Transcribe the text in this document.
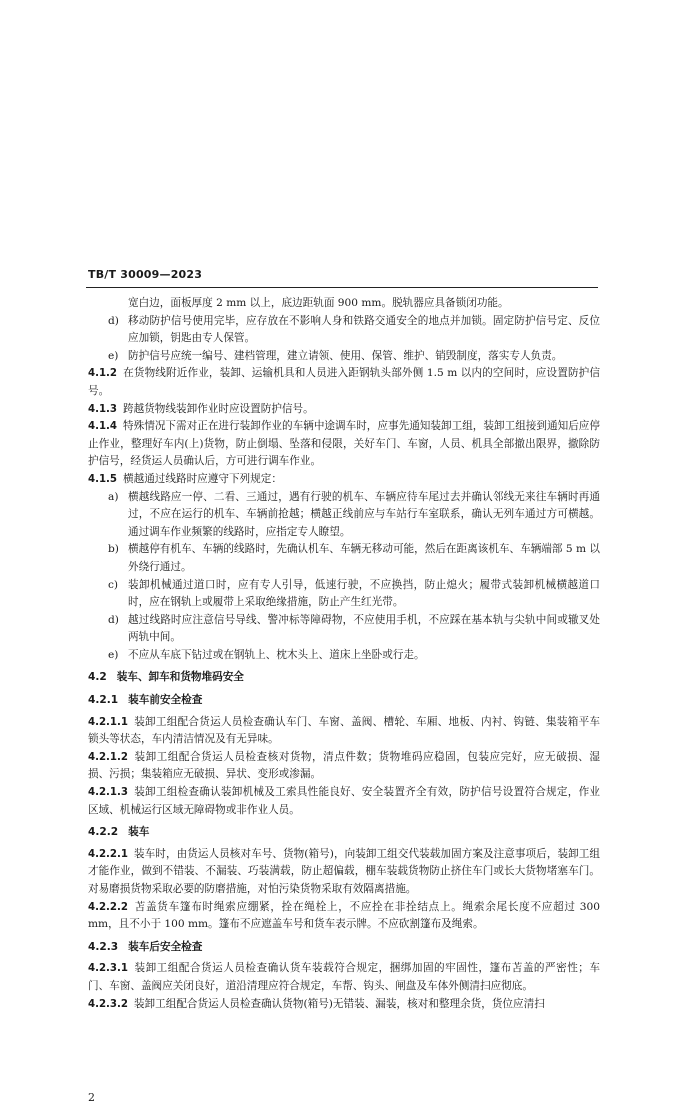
TB/T 30009—2023

宽白边，面板厚度 2 mm 以上，底边距轨面 900 mm。脱轨器应具备锁闭功能。

d) 移动防护信号使用完毕，应存放在不影响人身和铁路交通安全的地点并加锁。固定防护信号定、反位应加锁，钥匙由专人保管。
e) 防护信号应统一编号、建档管理，建立请领、使用、保管、维护、销毁制度，落实专人负责。

4.1.2 在货物线附近作业，装卸、运输机具和人员进入距钢轨头部外侧 1.5 m 以内的空间时，应设置防护信号。

4.1.3 跨越货物线装卸作业时应设置防护信号。

4.1.4 特殊情况下需对正在进行装卸作业的车辆中途调车时，应事先通知装卸工组，装卸工组接到通知后应停止作业，整理好车内(上)货物，防止倒塌、坠落和侵限，关好车门、车窗，人员、机具全部撤出限界，撤除防护信号，经货运人员确认后，方可进行调车作业。

4.1.5 横越通过线路时应遵守下列规定：

a) 横越线路应一停、二看、三通过，遇有行驶的机车、车辆应待车尾过去并确认邻线无来往车辆时再通过，不应在运行的机车、车辆前抢越；横越正线前应与车站行车室联系，确认无列车通过方可横越。通过调车作业频繁的线路时，应指定专人瞭望。
b) 横越停有机车、车辆的线路时，先确认机车、车辆无移动可能，然后在距离该机车、车辆端部 5 m 以外绕行通过。
c) 装卸机械通过道口时，应有专人引导，低速行驶，不应换挡，防止熄火；履带式装卸机械横越道口时，应在钢轨上或履带上采取绝缘措施，防止产生红光带。
d) 越过线路时应注意信号导线、警冲标等障碍物，不应使用手机，不应踩在基本轨与尖轨中间或辙叉处两轨中间。
e) 不应从车底下钻过或在钢轨上、枕木头上、道床上坐卧或行走。
4.2 装车、卸车和货物堆码安全
4.2.1 装车前安全检查

4.2.1.1 装卸工组配合货运人员检查确认车门、车窗、盖阀、槽轮、车厢、地板、内衬、钩链、集装箱平车锁头等状态，车内清洁情况及有无异味。

4.2.1.2 装卸工组配合货运人员检查核对货物，清点件数；货物堆码应稳固，包装应完好，应无破损、湿损、污损；集装箱应无破损、异状、变形或渗漏。

4.2.1.3 装卸工组检查确认装卸机械及工索具性能良好、安全装置齐全有效，防护信号设置符合规定，作业区域、机械运行区域无障碍物或非作业人员。

4.2.2 装车

4.2.2.1 装车时，由货运人员核对车号、货物(箱号)，向装卸工组交代装载加固方案及注意事项后，装卸工组才能作业，做到不错装、不漏装、巧装满载，防止超偏载，棚车装载货物防止挤住车门或长大货物堵塞车门。对易磨损货物采取必要的防磨措施，对怕污染货物采取有效隔离措施。

4.2.2.2 苫盖货车篷布时绳索应绷紧，拴在绳栓上，不应拴在非拴结点上。绳索余尾长度不应超过 300 mm，且不小于 100 mm。篷布不应遮盖车号和货车表示牌。不应砍割篷布及绳索。

4.2.3 装车后安全检查

4.2.3.1 装卸工组配合货运人员检查确认货车装载符合规定，捆绑加固的牢固性，篷布苫盖的严密性；车门、车窗、盖阀应关闭良好，道沿清理应符合规定，车帮、钩头、闸盘及车体外侧清扫应彻底。

4.2.3.2 装卸工组配合货运人员检查确认货物(箱号)无错装、漏装，核对和整理余货，货位应清扫

2
